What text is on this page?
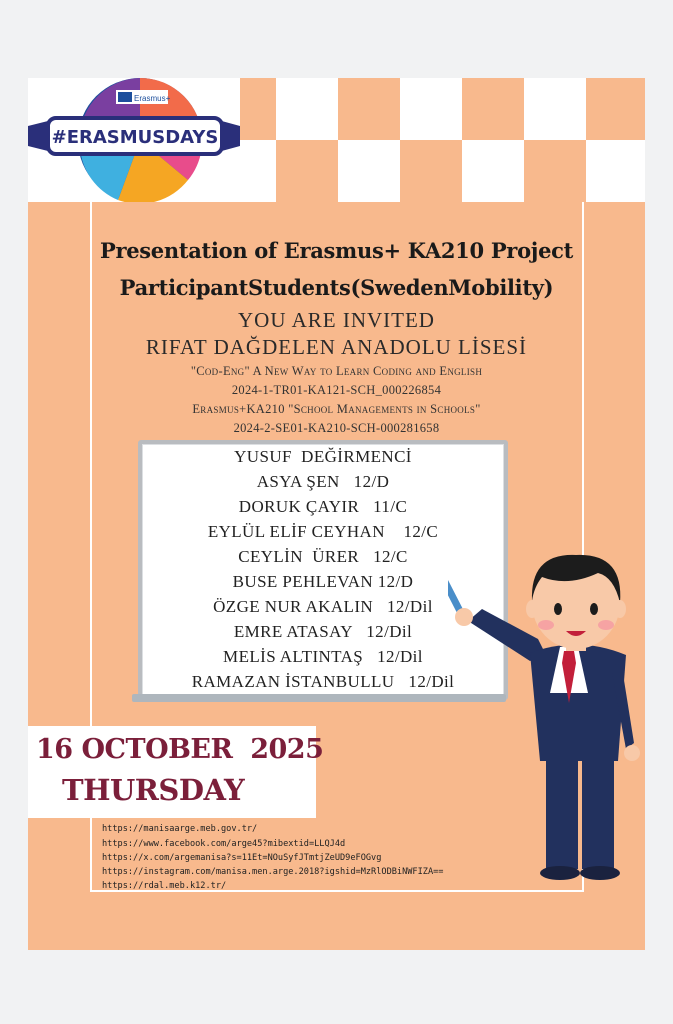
Erasmus+
#ERASMUSDAYS
Presentation of Erasmus+ KA210 Project
ParticipantStudents(SwedenMobility)
YOU ARE INVITED
RIFAT DAĞDELEN ANADOLU LİSESİ
"Cod-Eng" A New Way to Learn Coding and English
2024-1-TR01-KA121-SCH_000226854
Erasmus+KA210 "School Managements in Schools"
2024-2-SE01-KA210-SCH-000281658
YUSUF  DEĞİRMENCİ
ASYA ŞEN   12/D
DORUK ÇAYIR   11/C
EYLÜL ELİF CEYHAN    12/C
CEYLİN  ÜRER   12/C
BUSE PEHLEVAN 12/D
ÖZGE NUR AKALIN   12/Dil
EMRE ATASAY   12/Dil
MELİS ALTINTAŞ   12/Dil
RAMAZAN İSTANBULLU   12/Dil
16 OCTOBER  2025
THURSDAY
https://manisaarge.meb.gov.tr/
https://www.facebook.com/arge45?mibextid=LLQJ4d
https://x.com/argemanisa?s=11Et=NOuSyfJTmtjZeUD9eFOGvg
https://instagram.com/manisa.men.arge.2018?igshid=MzRlODBiNWFIZA==
https://rdal.meb.k12.tr/
